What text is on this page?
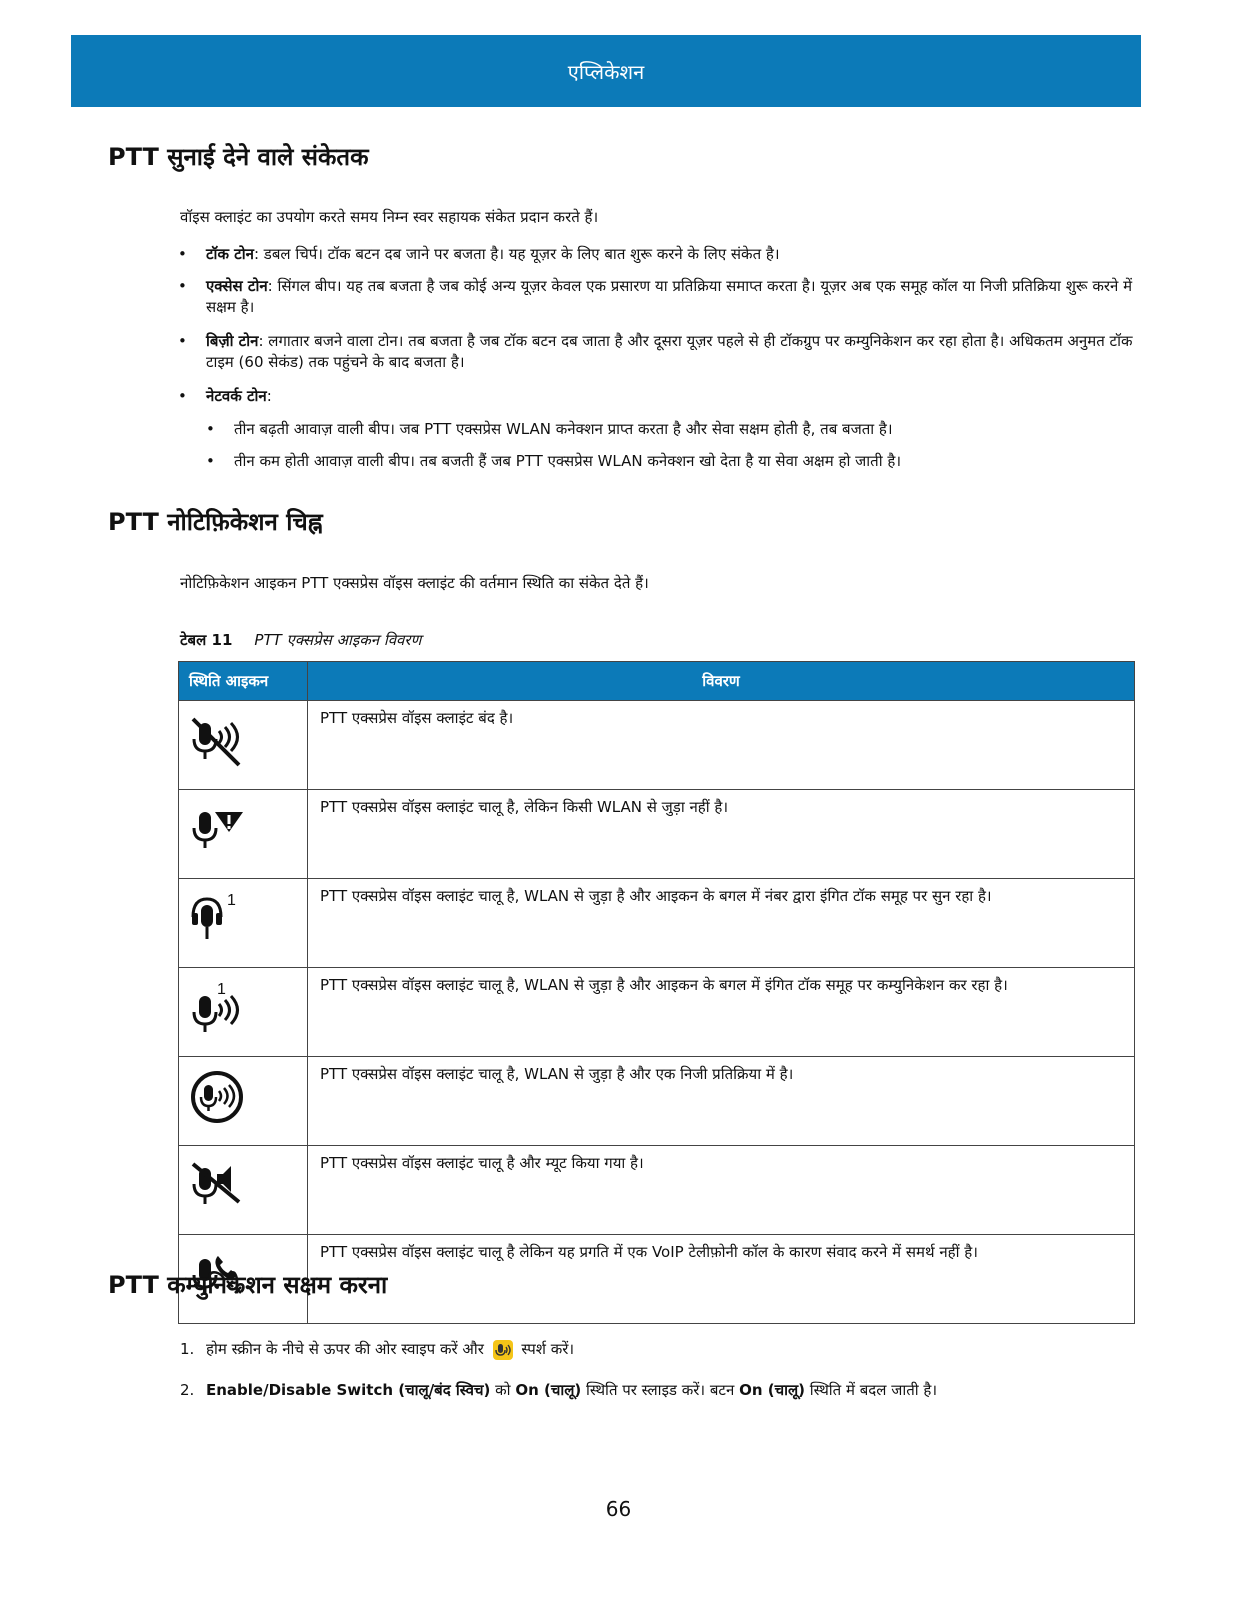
एप्लिकेशन
PTT सुनाई देने वाले संकेतक

वॉइस क्लाइंट का उपयोग करते समय निम्न स्वर सहायक संकेत प्रदान करते हैं।

• टॉक टोन: डबल चिर्प। टॉक बटन दब जाने पर बजता है। यह यूज़र के लिए बात शुरू करने के लिए संकेत है।
• एक्सेस टोन: सिंगल बीप। यह तब बजता है जब कोई अन्य यूज़र केवल एक प्रसारण या प्रतिक्रिया समाप्त करता है। यूज़र अब एक समूह कॉल या निजी प्रतिक्रिया शुरू करने में सक्षम है।
• बिज़ी टोन: लगातार बजने वाला टोन। तब बजता है जब टॉक बटन दब जाता है और दूसरा यूज़र पहले से ही टॉकग्रुप पर कम्युनिकेशन कर रहा होता है। अधिकतम अनुमत टॉक टाइम (60 सेकंड) तक पहुंचने के बाद बजता है।
• नेटवर्क टोन:
• तीन बढ़ती आवाज़ वाली बीप। जब PTT एक्सप्रेस WLAN कनेक्शन प्राप्त करता है और सेवा सक्षम होती है, तब बजता है।
• तीन कम होती आवाज़ वाली बीप। तब बजती हैं जब PTT एक्सप्रेस WLAN कनेक्शन खो देता है या सेवा अक्षम हो जाती है।
PTT नोटिफ़िकेशन चिह्न

नोटिफ़िकेशन आइकन PTT एक्सप्रेस वॉइस क्लाइंट की वर्तमान स्थिति का संकेत देते हैं।

टेबल 11 PTT एक्सप्रेस आइकन विवरण
स्थिति आइकन	विवरण

	PTT एक्सप्रेस वॉइस क्लाइंट बंद है।

	PTT एक्सप्रेस वॉइस क्लाइंट चालू है, लेकिन किसी WLAN से जुड़ा नहीं है।

1	PTT एक्सप्रेस वॉइस क्लाइंट चालू है, WLAN से जुड़ा है और आइकन के बगल में नंबर द्वारा इंगित टॉक समूह पर सुन रहा है।

1	PTT एक्सप्रेस वॉइस क्लाइंट चालू है, WLAN से जुड़ा है और आइकन के बगल में इंगित टॉक समूह पर कम्युनिकेशन कर रहा है।

	PTT एक्सप्रेस वॉइस क्लाइंट चालू है, WLAN से जुड़ा है और एक निजी प्रतिक्रिया में है।

	PTT एक्सप्रेस वॉइस क्लाइंट चालू है और म्यूट किया गया है।

	PTT एक्सप्रेस वॉइस क्लाइंट चालू है लेकिन यह प्रगति में एक VoIP टेलीफ़ोनी कॉल के कारण संवाद करने में समर्थ नहीं है।
PTT कम्युनिकेशन सक्षम करना
1. होम स्क्रीन के नीचे से ऊपर की ओर स्वाइप करें और	स्पर्श करें।
2. Enable/Disable Switch (चालू/बंद स्विच) को On (चालू) स्थिति पर स्लाइड करें। बटन On (चालू) स्थिति में बदल जाती है।
66
